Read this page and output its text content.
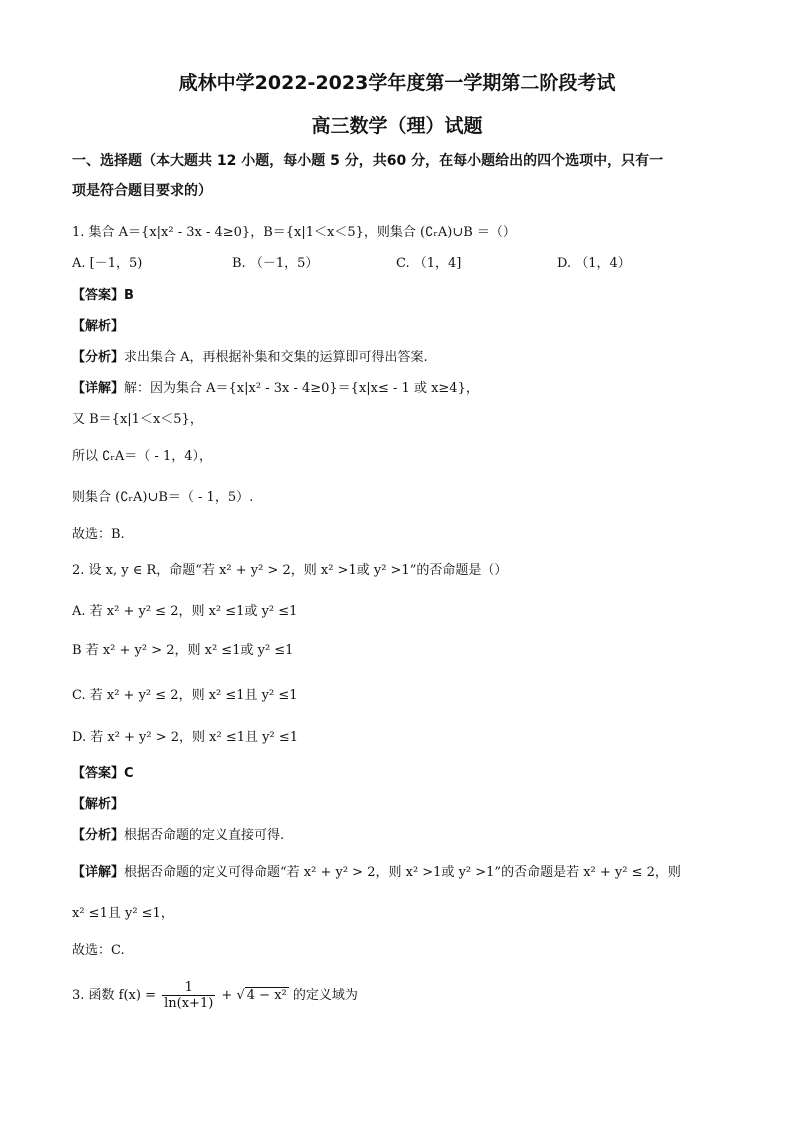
咸林中学2022-2023学年度第一学期第二阶段考试
高三数学（理）试题
一、选择题（本大题共 12 小题，每小题 5 分，共60 分，在每小题给出的四个选项中，只有一
项是符合题目要求的）
1. 集合 A＝{x|x² - 3x - 4≥0}，B＝{x|1＜x＜5}，则集合 (∁ᵣA)∪B ＝（）
A. [－1，5)	B. （－1，5）	C. （1，4]	D. （1，4）
【答案】B
【解析】
【分析】求出集合 A，再根据补集和交集的运算即可得出答案.
【详解】解：因为集合 A＝{x|x² - 3x - 4≥0}＝{x|x≤ - 1 或 x≥4}，
又 B＝{x|1＜x＜5}，
所以 ∁ᵣA＝（ - 1，4），
则集合 (∁ᵣA)∪B＝（ - 1，5）.
故选：B.
2. 设 x, y ∈ R，命题“若 x² + y² > 2，则 x² >1或 y² >1”的否命题是（）
A. 若 x² + y² ≤ 2，则 x² ≤1或 y² ≤1
B 若 x² + y² > 2，则 x² ≤1或 y² ≤1
C. 若 x² + y² ≤ 2，则 x² ≤1且 y² ≤1
D. 若 x² + y² > 2，则 x² ≤1且 y² ≤1
【答案】C
【解析】
【分析】根据否命题的定义直接可得.
【详解】根据否命题的定义可得命题“若 x² + y² > 2，则 x² >1或 y² >1”的否命题是若 x² + y² ≤ 2，则
x² ≤1且 y² ≤1，
故选：C.
3. 函数 $f(x) = \frac{1}{\ln(x+1)}$ + √ 4 − x² 的定义域为
